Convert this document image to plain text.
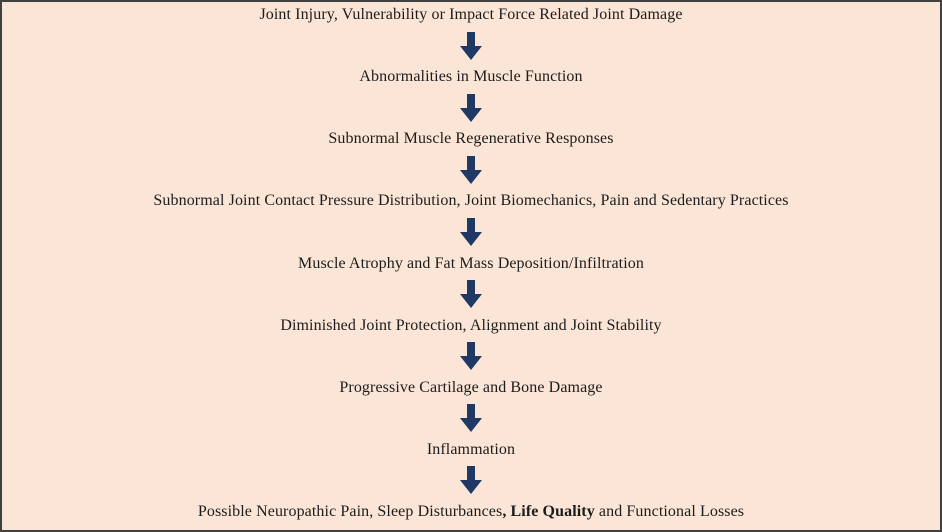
Joint Injury, Vulnerability or Impact Force Related Joint Damage
Abnormalities in Muscle Function
Subnormal Muscle Regenerative Responses
Subnormal Joint Contact Pressure Distribution, Joint Biomechanics, Pain and Sedentary Practices
Muscle Atrophy and Fat Mass Deposition/Infiltration
Diminished Joint Protection, Alignment and Joint Stability
Progressive Cartilage and Bone Damage
Inflammation
Possible Neuropathic Pain, Sleep Disturbances, Life Quality and Functional Losses
